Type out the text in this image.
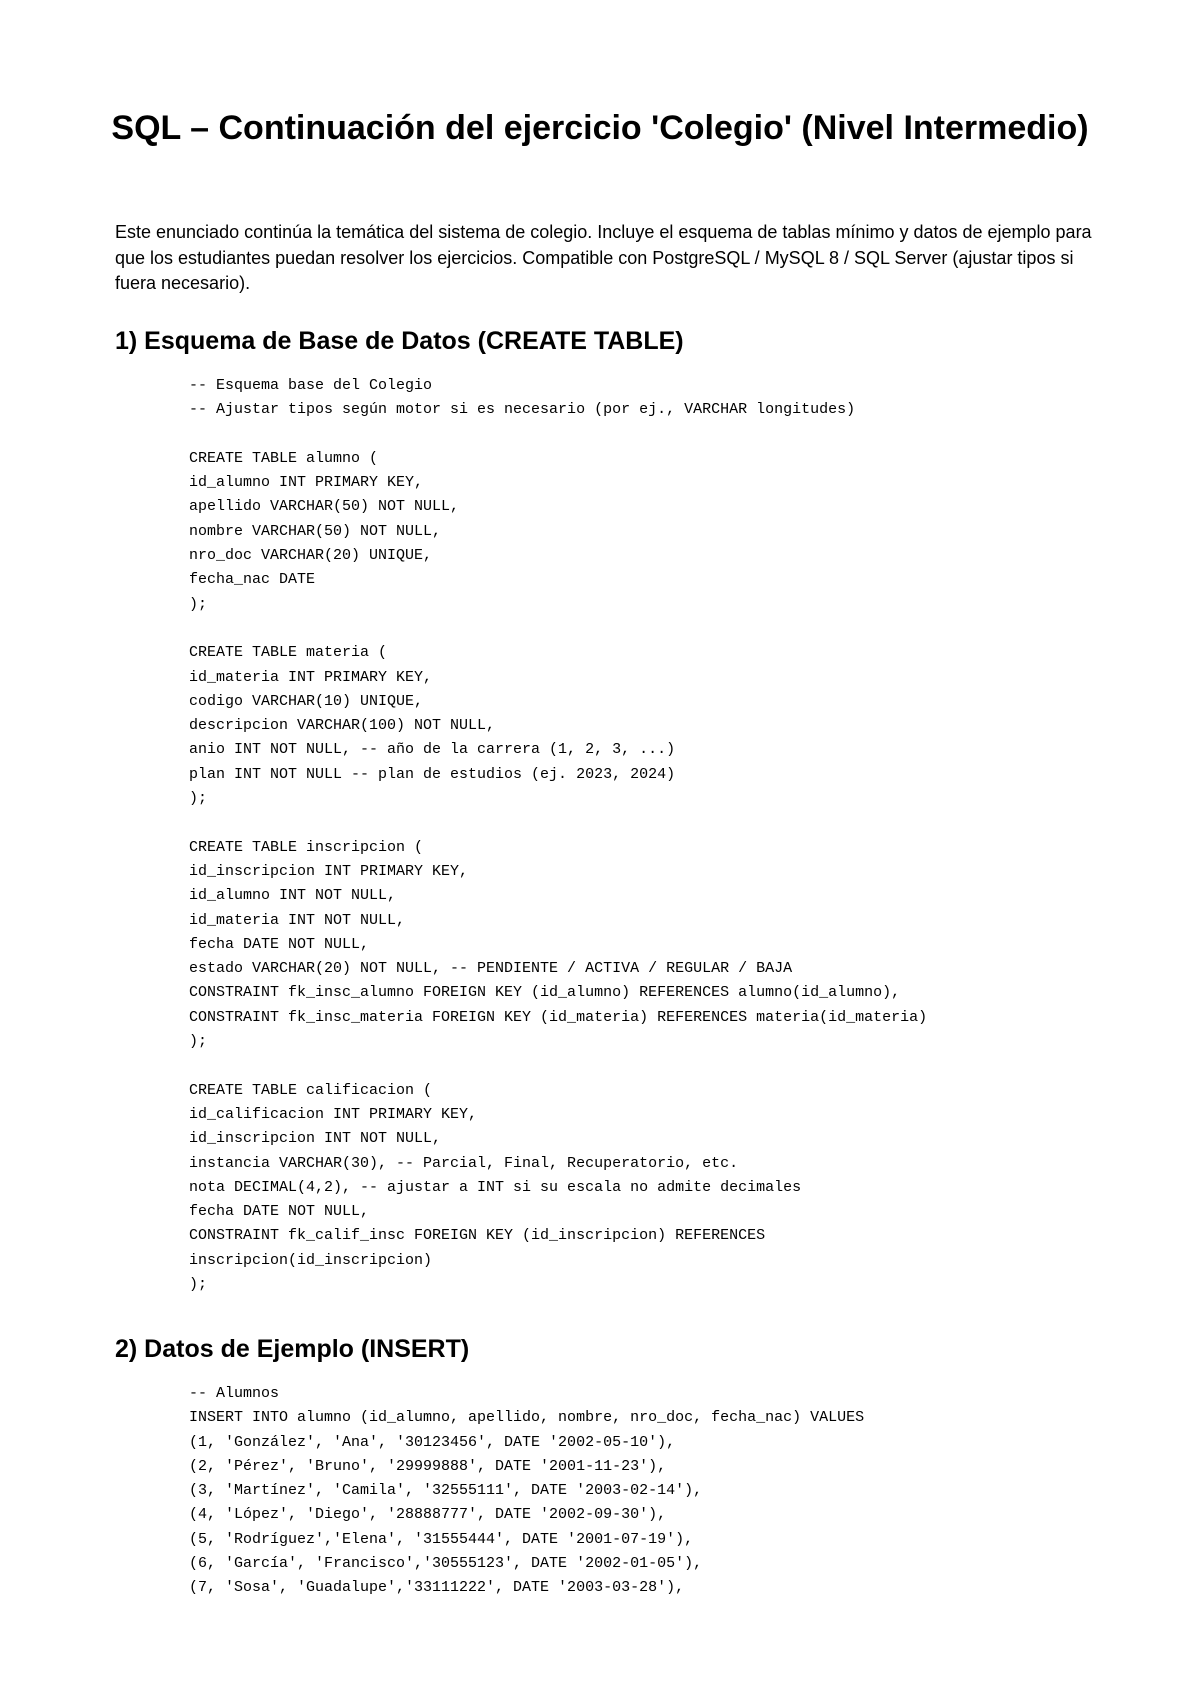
SQL – Continuación del ejercicio 'Colegio' (Nivel Intermedio)

Este enunciado continúa la temática del sistema de colegio. Incluye el esquema de tablas mínimo y datos de ejemplo para que los estudiantes puedan resolver los ejercicios. Compatible con PostgreSQL / MySQL 8 / SQL Server (ajustar tipos si fuera necesario).

1) Esquema de Base de Datos (CREATE TABLE)
-- Esquema base del Colegio
-- Ajustar tipos según motor si es necesario (por ej., VARCHAR longitudes)
CREATE TABLE alumno (
id_alumno INT PRIMARY KEY,
apellido VARCHAR(50) NOT NULL,
nombre VARCHAR(50) NOT NULL,
nro_doc VARCHAR(20) UNIQUE,
fecha_nac DATE
);
CREATE TABLE materia (
id_materia INT PRIMARY KEY,
codigo VARCHAR(10) UNIQUE,
descripcion VARCHAR(100) NOT NULL,
anio INT NOT NULL, -- año de la carrera (1, 2, 3, ...)
plan INT NOT NULL -- plan de estudios (ej. 2023, 2024)
);
CREATE TABLE inscripcion (
id_inscripcion INT PRIMARY KEY,
id_alumno INT NOT NULL,
id_materia INT NOT NULL,
fecha DATE NOT NULL,
estado VARCHAR(20) NOT NULL, -- PENDIENTE / ACTIVA / REGULAR / BAJA
CONSTRAINT fk_insc_alumno FOREIGN KEY (id_alumno) REFERENCES alumno(id_alumno),
CONSTRAINT fk_insc_materia FOREIGN KEY (id_materia) REFERENCES materia(id_materia)
);
CREATE TABLE calificacion (
id_calificacion INT PRIMARY KEY,
id_inscripcion INT NOT NULL,
instancia VARCHAR(30), -- Parcial, Final, Recuperatorio, etc.
nota DECIMAL(4,2), -- ajustar a INT si su escala no admite decimales
fecha DATE NOT NULL,
CONSTRAINT fk_calif_insc FOREIGN KEY (id_inscripcion) REFERENCES
inscripcion(id_inscripcion)
);
2) Datos de Ejemplo (INSERT)
-- Alumnos
INSERT INTO alumno (id_alumno, apellido, nombre, nro_doc, fecha_nac) VALUES
(1, 'González', 'Ana', '30123456', DATE '2002-05-10'),
(2, 'Pérez', 'Bruno', '29999888', DATE '2001-11-23'),
(3, 'Martínez', 'Camila', '32555111', DATE '2003-02-14'),
(4, 'López', 'Diego', '28888777', DATE '2002-09-30'),
(5, 'Rodríguez','Elena', '31555444', DATE '2001-07-19'),
(6, 'García', 'Francisco','30555123', DATE '2002-01-05'),
(7, 'Sosa', 'Guadalupe','33111222', DATE '2003-03-28'),
